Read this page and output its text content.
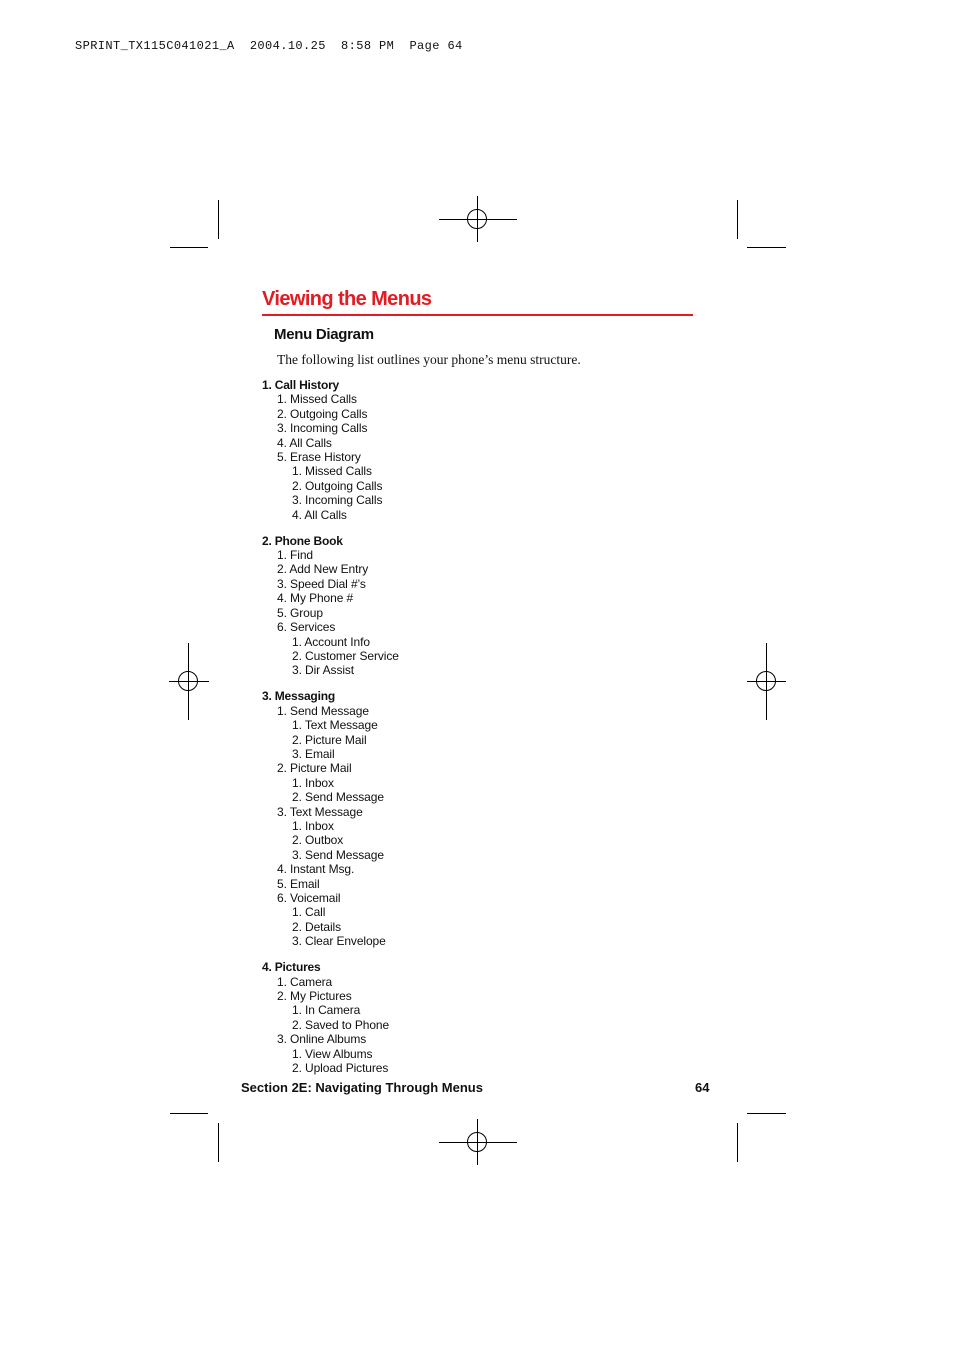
SPRINT_TX115C041021_A  2004.10.25  8:58 PM  Page 64
Viewing the Menus
Menu Diagram
The following list outlines your phone’s menu structure.
1. Call History
1. Missed Calls
2. Outgoing Calls
3. Incoming Calls
4. All Calls
5. Erase History
1. Missed Calls
2. Outgoing Calls
3. Incoming Calls
4. All Calls
2. Phone Book
1. Find
2. Add New Entry
3. Speed Dial #’s
4. My Phone #
5. Group
6. Services
1. Account Info
2. Customer Service
3. Dir Assist
3. Messaging
1. Send Message
1. Text Message
2. Picture Mail
3. Email
2. Picture Mail
1. Inbox
2. Send Message
3. Text Message
1. Inbox
2. Outbox
3. Send Message
4. Instant Msg.
5. Email
6. Voicemail
1. Call
2. Details
3. Clear Envelope
4. Pictures
1. Camera
2. My Pictures
1. In Camera
2. Saved to Phone
3. Online Albums
1. View Albums
2. Upload Pictures
Section 2E: Navigating Through Menus	64
